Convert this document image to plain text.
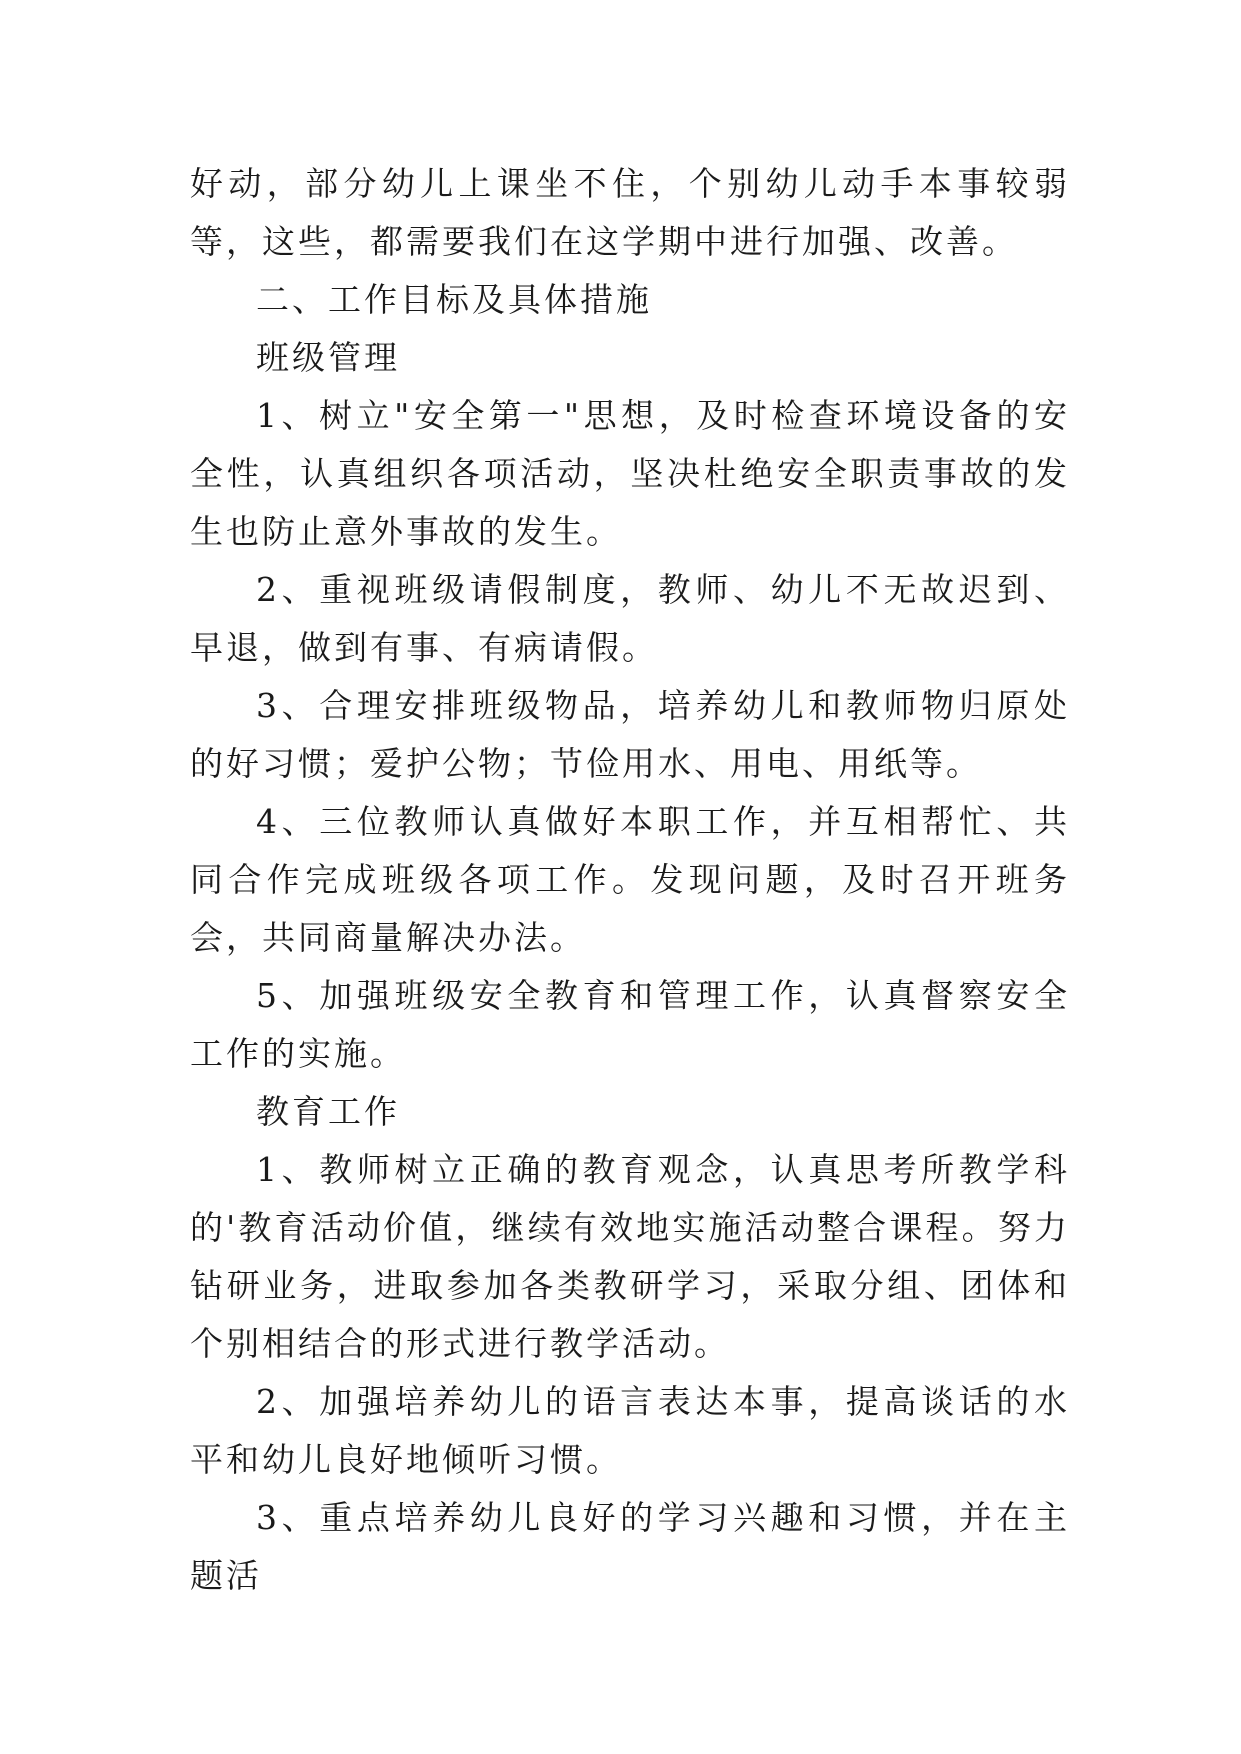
好动，部分幼儿上课坐不住，个别幼儿动手本事较弱等，这些，都需要我们在这学期中进行加强、改善。

二、工作目标及具体措施

班级管理

1、树立"安全第一"思想，及时检查环境设备的安全性，认真组织各项活动，坚决杜绝安全职责事故的发生也防止意外事故的发生。

2、重视班级请假制度，教师、幼儿不无故迟到、早退，做到有事、有病请假。

3、合理安排班级物品，培养幼儿和教师物归原处的好习惯；爱护公物；节俭用水、用电、用纸等。

4、三位教师认真做好本职工作，并互相帮忙、共同合作完成班级各项工作。发现问题，及时召开班务会，共同商量解决办法。

5、加强班级安全教育和管理工作，认真督察安全工作的实施。

教育工作

1、教师树立正确的教育观念，认真思考所教学科的'教育活动价值，继续有效地实施活动整合课程。努力钻研业务，进取参加各类教研学习，采取分组、团体和个别相结合的形式进行教学活动。

2、加强培养幼儿的语言表达本事，提高谈话的水平和幼儿良好地倾听习惯。

3、重点培养幼儿良好的学习兴趣和习惯，并在主题活
